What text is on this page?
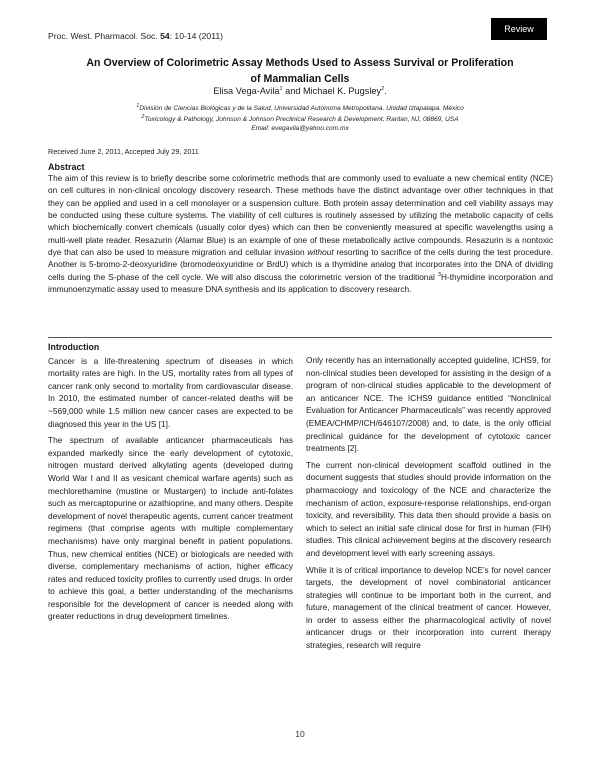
Proc. West. Pharmacol. Soc. 54: 10-14 (2011)
Review
An Overview of Colorimetric Assay Methods Used to Assess Survival or Proliferation
of Mammalian Cells
Elisa Vega-Avila$^1$ and Michael K. Pugsley$^2$.
$^1$División de Ciencias Biológicas y de la Salud, Universidad Autónoma Metropolitana. Unidad Iztapalapa. México
$^2$Toxicology & Pathology, Johnson & Johnson Preclinical Research & Development, Raritan, NJ, 08869, USA
Email: evegavila@yahoo.com.mx
Received June 2, 2011, Accepted July 29, 2011
Abstract
The aim of this review is to briefly describe some colorimetric methods that are commonly used to evaluate a new chemical entity (NCE) on cell cultures in non-clinical oncology discovery research. These methods have the distinct advantage over other techniques in that they can be applied and used in a cell monolayer or a suspension culture. Both protein assay determination and cell viability assays may be conducted using these culture systems. The viability of cell cultures is routinely assessed by utilizing the metabolic capacity of cells which biochemically convert chemicals (usually color dyes) which can then be conveniently measured at specific wavelengths using a multi-well plate reader. Resazurin (Alamar Blue) is an example of one of these metabolically active compounds. Resazurin is a nontoxic dye that can also be used to measure migration and cellular invasion without resorting to sacrifice of the cells during the test procedure. Another is 5-bromo-2-deoxyuridine (bromodeoxyuridine or BrdU) which is a thymidine analog that incorporates into the DNA of dividing cells during the S-phase of the cell cycle. We will also discuss the colorimetric version of the traditional $^3$H-thymidine incorporation and immunoenzymatic assay used to measure DNA synthesis and its application to discovery research.
Introduction

Cancer is a life-threatening spectrum of diseases in which mortality rates are high. In the US, mortality rates from all types of cancer rank only second to mortality from cardiovascular disease. In 2010, the estimated number of cancer-related deaths will be ~569,000 while 1.5 million new cancer cases are expected to be diagnosed this year in the US [1].

The spectrum of available anticancer pharmaceuticals has expanded markedly since the early development of cytotoxic, nitrogen mustard derived alkylating agents (developed during World War I and II as vesicant chemical warfare agents) such as mechlorethamine (mustine or Mustargen) to include anti-folates such as mercaptopurine or azathioprine, and many others. Despite development of novel therapeutic agents, current cancer treatment regimens (that comprise agents with multiple complementary mechanisms) have only marginal benefit in patient populations. Thus, new chemical entities (NCE) or biologicals are needed with diverse, complementary mechanisms of action, higher efficacy rates and reduced toxicity profiles to currently used drugs. In order to achieve this goal, a better understanding of the mechanisms responsible for the development of cancer is needed along with greater reductions in drug development timelines.

Only recently has an internationally accepted guideline, ICHS9, for non-clinical studies been developed for assisting in the design of a program of non-clinical studies applicable to the development of an anticancer NCE. The ICHS9 guidance entitled “Nonclinical Evaluation for Anticancer Pharmaceuticals” was recently approved (EMEA/CHMP/ICH/646107/2008) and, to date, is the only official preclinical guidance for the development of cytotoxic cancer treatments [2].

The current non-clinical development scaffold outlined in the document suggests that studies should provide information on the pharmacology and toxicology of the NCE and characterize the mechanism of action, exposure-response relationships, end-organ toxicity, and reversibility. This data then should provide a basis on which to select an initial safe clinical dose for first in human (FIH) studies. This clinical achievement begins at the discovery research and development level with early screening assays.

While it is of critical importance to develop NCE’s for novel cancer targets, the development of novel combinatorial anticancer strategies will continue to be important both in the current, and future, management of the clinical treatment of cancer. However, in order to assess either the pharmacological activity of novel anticancer drugs or their incorporation into current therapy strategies, research will require

10
